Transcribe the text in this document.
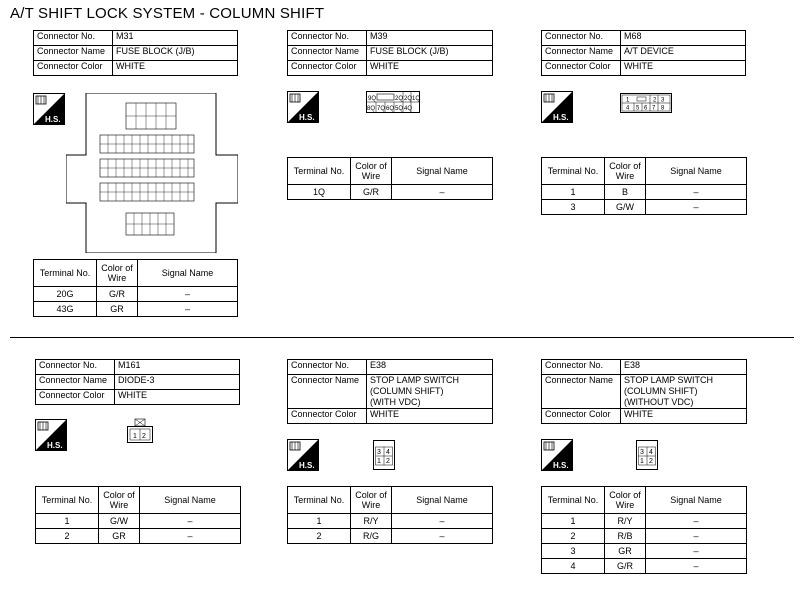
A/T SHIFT LOCK SYSTEM - COLUMN SHIFT
Connector No.	M31
Connector Name	FUSE BLOCK (J/B)
Connector Color	WHITE
H.S.
Terminal No.	Color of Wire	Signal Name
20G	G/R	–
43G	GR	–
Connector No.	M39
Connector Name	FUSE BLOCK (J/B)
Connector Color	WHITE
H.S.
9Q	2Q 2Q 1Q
8Q 7Q 6Q 5Q 4Q
Terminal No.	Color of Wire	Signal Name
1Q	G/R	–
Connector No.	M68
Connector Name	A/T DEVICE
Connector Color	WHITE
H.S.
1	2 3
4 5 6 7 8
Terminal No.	Color of Wire	Signal Name
1	B	–
3	G/W	–
Connector No.	M161
Connector Name	DIODE-3
Connector Color	WHITE
H.S.
1 2
Terminal No.	Color of Wire	Signal Name
1	G/W	–
2	GR	–
Connector No.	E38
Connector Name	STOP LAMP SWITCH
(COLUMN SHIFT)
(WITH VDC)
Connector Color	WHITE
H.S.
3 4
1 2
Terminal No.	Color of Wire	Signal Name
1	R/Y	–
2	R/G	–
Connector No.	E38
Connector Name	STOP LAMP SWITCH
(COLUMN SHIFT)
(WITHOUT VDC)
Connector Color	WHITE
H.S.
3 4
1 2
Terminal No.	Color of Wire	Signal Name
1	R/Y	–
2	R/B	–
3	GR	–
4	G/R	–
